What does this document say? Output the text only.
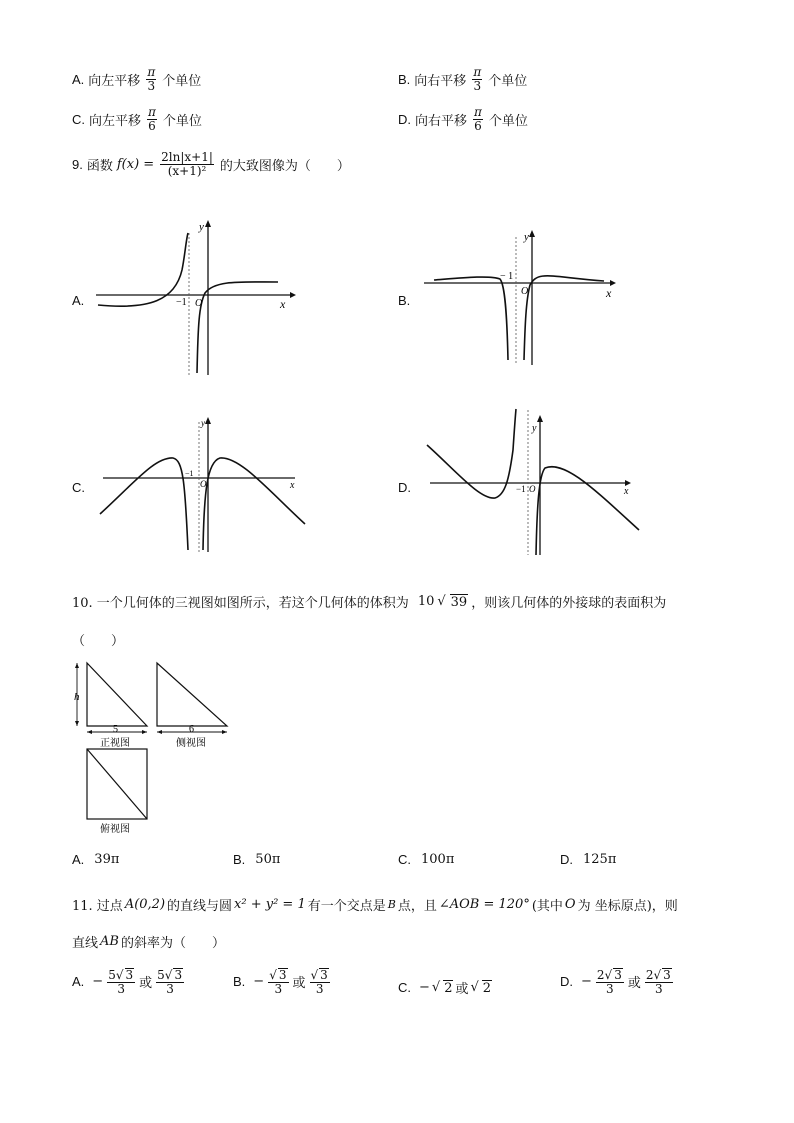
A. 向左平移 $\frac{\pi}{3}$ 个单位	B. 向右平移 $\frac{\pi}{3}$ 个单位
C. 向左平移 $\frac{\pi}{6}$ 个单位	D. 向右平移 $\frac{\pi}{6}$ 个单位
9. 函数 $f(x) = \frac{2\ln|x+1|}{\text{(x+1)²}}$ 的大致图像为（　　）
A.	B.
C.	D.
−1 O	x
y
− 1
O	x
y
−1
O	x
y
−1 O	x
y
10. 一个几何体的三视图如图所示，若这个几何体的体积为 10 √ 39 ，则该几何体的外接球的表面积为
（　　）
h
5
正视图
6
侧视图
俯视图
A. 39π	B. 50π	C. 100π	D. 125π
11. 过点 A(0,2) 的直线与圆 x² + y² = 1 有一个交点是 B 点，且 ∠AOB = 120° (其中 O 为 坐标原点)，则
直线 AB 的斜率为（　　）
A. − $\frac{5√ 3}{3}$ 或 $\frac{5√ 3}{3}$	B. − $\frac{√ 3}{3}$ 或 $\frac{√ 3}{3}$	C. − √ 2 或 √ 2	D. − $\frac{2√ 3}{3}$ 或 $\frac{2√ 3}{3}$
